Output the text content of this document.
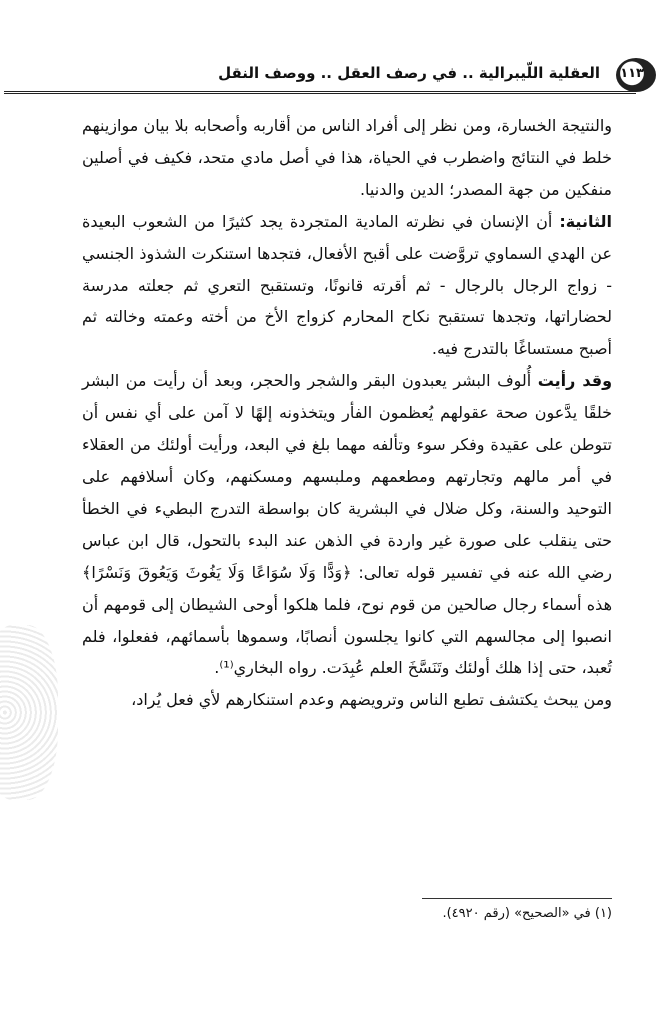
العقلية اللّيبرالية .. في رصف العقل .. ووصف النقل ١١٣

والنتيجة الخسارة، ومن نظر إلى أفراد الناس من أقاربه وأصحابه بلا بيان موازينهم خلط في النتائج واضطرب في الحياة، هذا في أصل مادي متحد، فكيف في أصلين منفكين من جهة المصدر؛ الدين والدنيا.

الثانية: أن الإنسان في نظرته المادية المتجردة يجد كثيرًا من الشعوب البعيدة عن الهدي السماوي تروَّضت على أقبح الأفعال، فتجدها استنكرت الشذوذ الجنسي - زواج الرجال بالرجال - ثم أقرته قانونًا، وتستقبح التعري ثم جعلته مدرسة لحضاراتها، وتجدها تستقبح نكاح المحارم كزواج الأخ من أخته وعمته وخالته ثم أصبح مستساغًا بالتدرج فيه.

وقد رأيت أُلوف البشر يعبدون البقر والشجر والحجر، وبعد أن رأيت من البشر خلقًا يدَّعون صحة عقولهم يُعظمون الفأر ويتخذونه إلهًا لا آمن على أي نفس أن تتوطن على عقيدة وفكر سوء وتألفه مهما بلغ في البعد، ورأيت أولئك من العقلاء في أمر مالهم وتجارتهم ومطعمهم وملبسهم ومسكنهم، وكان أسلافهم على التوحيد والسنة، وكل ضلال في البشرية كان بواسطة التدرج البطيء في الخطأ حتى ينقلب على صورة غير واردة في الذهن عند البدء بالتحول، قال ابن عباس رضي الله عنه في تفسير قوله تعالى: ﴿وَدًّا وَلَا سُوَاعًا وَلَا يَغُوثَ وَيَعُوقَ وَنَسْرًا﴾ هذه أسماء رجال صالحين من قوم نوح، فلما هلكوا أوحى الشيطان إلى قومهم أن انصبوا إلى مجالسهم التي كانوا يجلسون أنصابًا، وسموها بأسمائهم، ففعلوا، فلم تُعبد، حتى إذا هلك أولئك وتَنَسَّخَ العلم عُبِدَت. رواه البخاري⁽¹⁾.

ومن يبحث يكتشف تطبع الناس وترويضهم وعدم استنكارهم لأي فعل يُراد،

(١) في «الصحيح» (رقم ٤٩٢٠).
